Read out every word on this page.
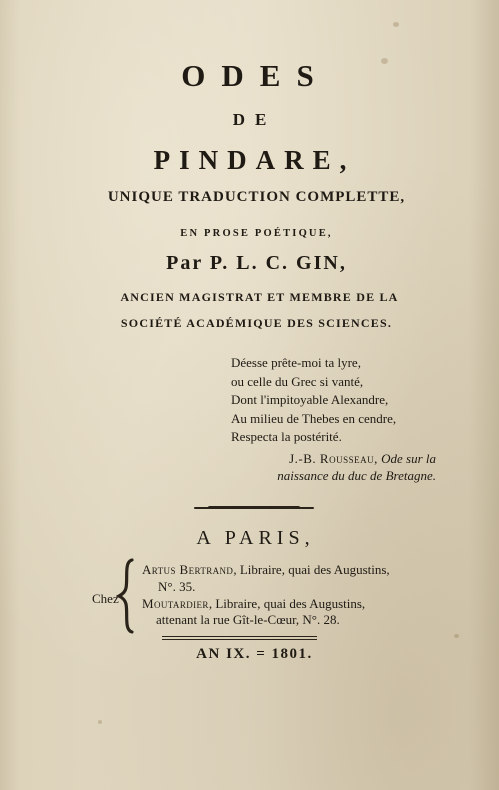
ODES
DE
PINDARE,
UNIQUE TRADUCTION COMPLETTE,
EN PROSE POÉTIQUE,
Par P. L. C. GIN,
ANCIEN MAGISTRAT ET MEMBRE DE LA
SOCIÉTÉ ACADÉMIQUE DES SCIENCES.
Déesse prête-moi ta lyre,
ou celle du Grec si vanté,
Dont l'impitoyable Alexandre,
Au milieu de Thebes en cendre,
Respecta la postérité.
J.-B. Rousseau, Ode sur la
naissance du duc de Bretagne.
A PARIS,
Chez
Artus Bertrand, Libraire, quai des Augustins,
N°. 35.
Moutardier, Libraire, quai des Augustins,
attenant la rue Gît-le-Cœur, N°. 28.
AN IX. = 1801.
